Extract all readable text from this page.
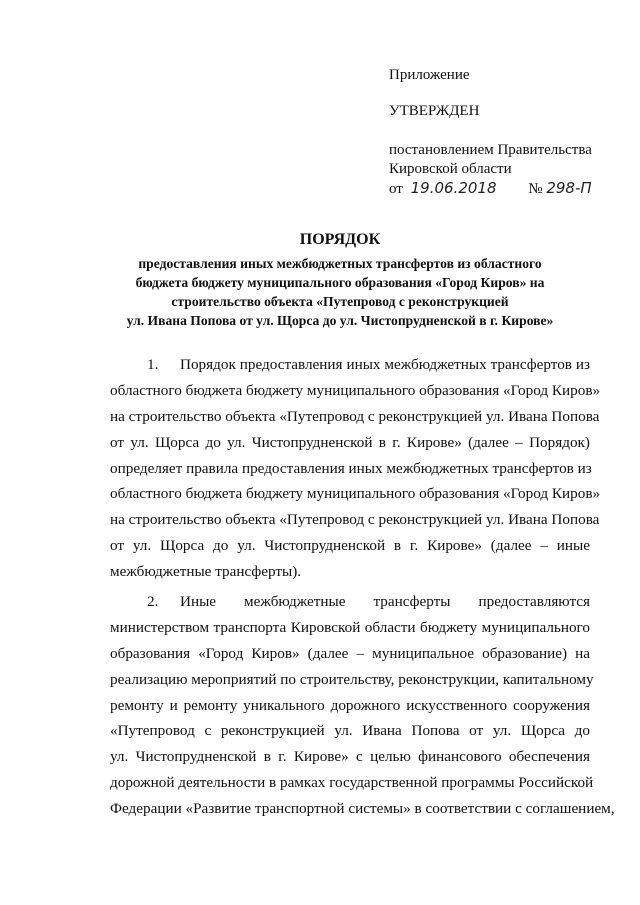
Приложение
УТВЕРЖДЕН
постановлением Правительства
Кировской области
от 19.06.2018 № 298-П
ПОРЯДОК
предоставления иных межбюджетных трансфертов из областного
бюджета бюджету муниципального образования «Город Киров» на
строительство объекта «Путепровод с реконструкцией
ул. Ивана Попова от ул. Щорса до ул. Чистопрудненской в г. Кирове»
1. Порядок предоставления иных межбюджетных трансфертов из
областного бюджета бюджету муниципального образования «Город Киров»
на строительство объекта «Путепровод с реконструкцией ул. Ивана Попова
от ул. Щорса до ул. Чистопрудненской в г. Кирове» (далее – Порядок)
определяет правила предоставления иных межбюджетных трансфертов из
областного бюджета бюджету муниципального образования «Город Киров»
на строительство объекта «Путепровод с реконструкцией ул. Ивана Попова
от ул. Щорса до ул. Чистопрудненской в г. Кирове» (далее – иные
межбюджетные трансферты).
2. Иные межбюджетные трансферты предоставляются
министерством транспорта Кировской области бюджету муниципального
образования «Город Киров» (далее – муниципальное образование) на
реализацию мероприятий по строительству, реконструкции, капитальному
ремонту и ремонту уникального дорожного искусственного сооружения
«Путепровод с реконструкцией ул. Ивана Попова от ул. Щорса до
ул. Чистопрудненской в г. Кирове» с целью финансового обеспечения
дорожной деятельности в рамках государственной программы Российской
Федерации «Развитие транспортной системы» в соответствии с соглашением,
